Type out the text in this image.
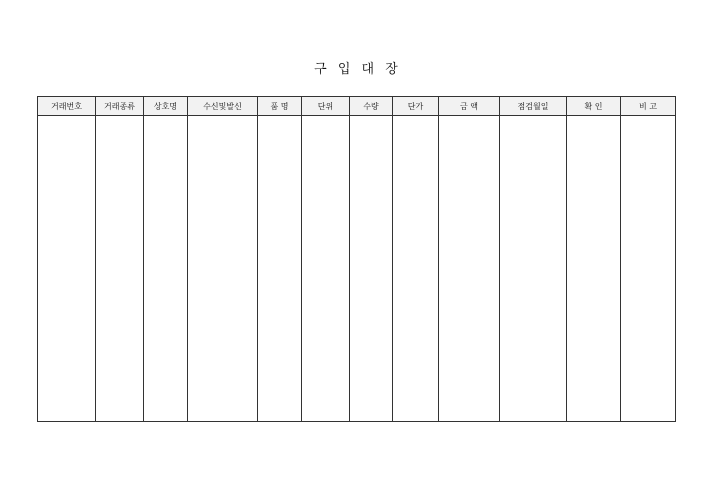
구 입 대 장
거래번호	거래종류	상호명	수신및발신	품 명	단위	수량	단가	금 액	점검월일	확 인	비 고
